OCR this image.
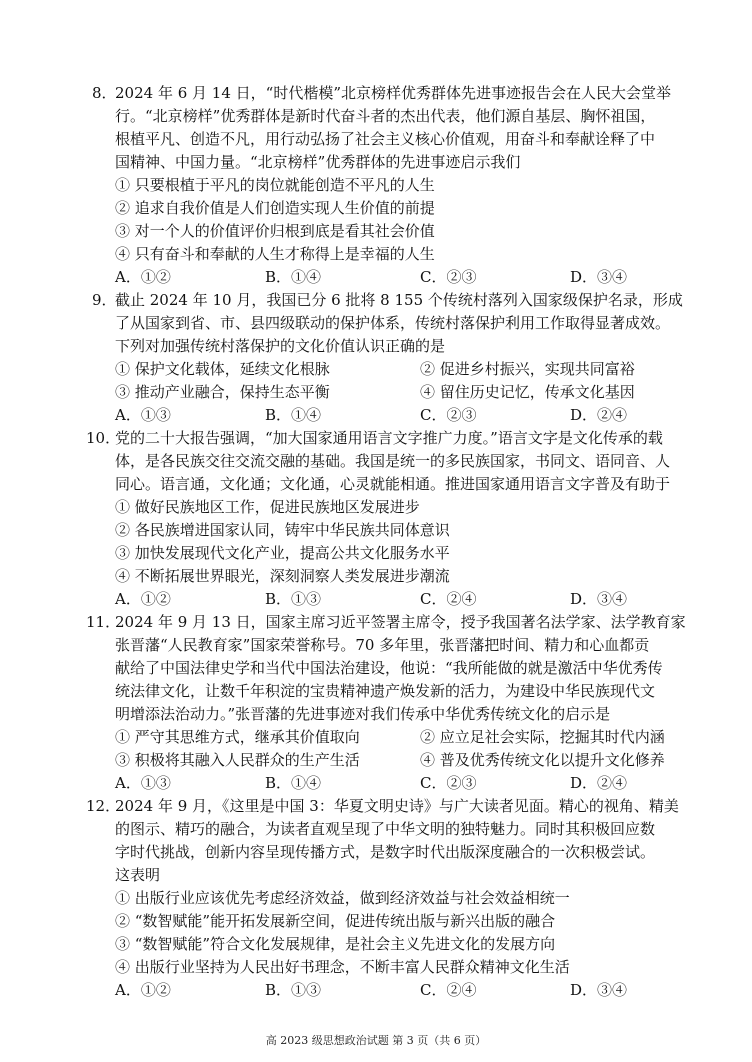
8．
2024 年 6 月 14 日，“时代楷模”北京榜样优秀群体先进事迹报告会在人民大会堂举
行。“北京榜样”优秀群体是新时代奋斗者的杰出代表，他们源自基层、胸怀祖国，
根植平凡、创造不凡，用行动弘扬了社会主义核心价值观，用奋斗和奉献诠释了中
国精神、中国力量。“北京榜样”优秀群体的先进事迹启示我们
① 只要根植于平凡的岗位就能创造不平凡的人生
② 追求自我价值是人们创造实现人生价值的前提
③ 对一个人的价值评价归根到底是看其社会价值
④ 只有奋斗和奉献的人生才称得上是幸福的人生
A．①②	B．①④	C．②③	D．③④
9．
截止 2024 年 10 月，我国已分 6 批将 8 155 个传统村落列入国家级保护名录，形成
了从国家到省、市、县四级联动的保护体系，传统村落保护利用工作取得显著成效。
下列对加强传统村落保护的文化价值认识正确的是
① 保护文化载体，延续文化根脉	② 促进乡村振兴，实现共同富裕
③ 推动产业融合，保持生态平衡	④ 留住历史记忆，传承文化基因
A．①③	B．①④	C．②③	D．②④
10．
党的二十大报告强调，“加大国家通用语言文字推广力度。”语言文字是文化传承的载
体，是各民族交往交流交融的基础。我国是统一的多民族国家，书同文、语同音、人
同心。语言通，文化通；文化通，心灵就能相通。推进国家通用语言文字普及有助于
① 做好民族地区工作，促进民族地区发展进步
② 各民族增进国家认同，铸牢中华民族共同体意识
③ 加快发展现代文化产业，提高公共文化服务水平
④ 不断拓展世界眼光，深刻洞察人类发展进步潮流
A．①②	B．①③	C．②④	D．③④
11．
2024 年 9 月 13 日，国家主席习近平签署主席令，授予我国著名法学家、法学教育家
张晋藩“人民教育家”国家荣誉称号。70 多年里，张晋藩把时间、精力和心血都贡
献给了中国法律史学和当代中国法治建设，他说：“我所能做的就是激活中华优秀传
统法律文化，让数千年积淀的宝贵精神遗产焕发新的活力，为建设中华民族现代文
明增添法治动力。”张晋藩的先进事迹对我们传承中华优秀传统文化的启示是
① 严守其思维方式，继承其价值取向	② 应立足社会实际，挖掘其时代内涵
③ 积极将其融入人民群众的生产生活	④ 普及优秀传统文化以提升文化修养
A．①③	B．①④	C．②③	D．②④
12．
2024 年 9 月，《这里是中国 3：华夏文明史诗》与广大读者见面。精心的视角、精美
的图示、精巧的融合，为读者直观呈现了中华文明的独特魅力。同时其积极回应数
字时代挑战，创新内容呈现传播方式，是数字时代出版深度融合的一次积极尝试。
这表明
① 出版行业应该优先考虑经济效益，做到经济效益与社会效益相统一
② “数智赋能”能开拓发展新空间，促进传统出版与新兴出版的融合
③ “数智赋能”符合文化发展规律，是社会主义先进文化的发展方向
④ 出版行业坚持为人民出好书理念，不断丰富人民群众精神文化生活
A．①②	B．①③	C．②④	D．③④
高 2023 级思想政治试题 第 3 页（共 6 页）
